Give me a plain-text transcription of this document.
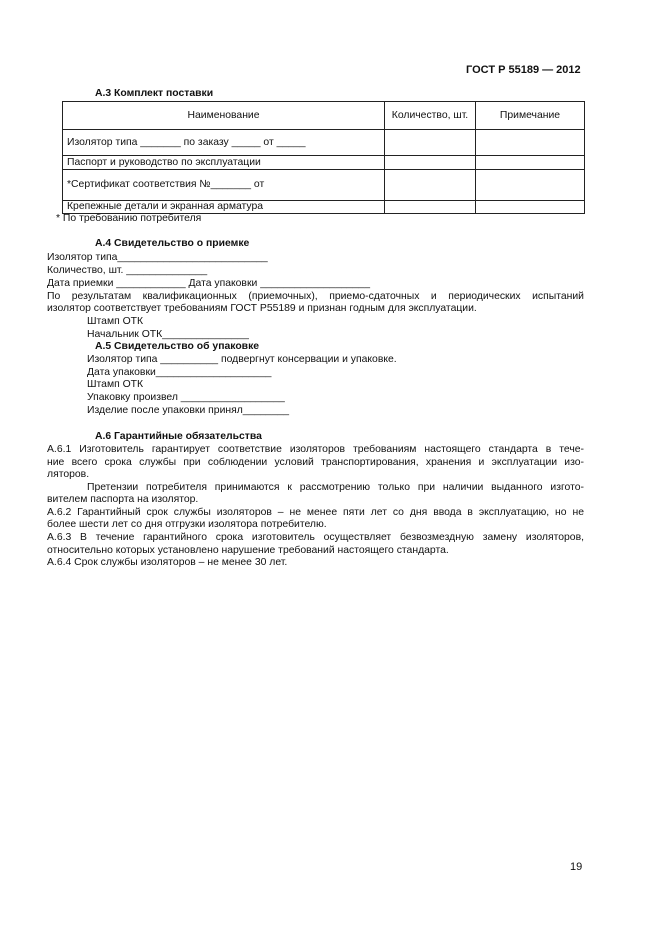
ГОСТ Р 55189 — 2012
А.3 Комплект поставки
Наименование	Количество, шт.	Примечание
Изолятор типа _______ по заказу _____ от _____		
Паспорт и руководство по эксплуатации		
*Сертификат соответствия №_______ от		
Крепежные детали и экранная арматура		
* По требованию потребителя
А.4 Свидетельство о приемке
Изолятор типа__________________________
Количество, шт. ______________
Дата приемки ____________ Дата упаковки ___________________
По результатам квалификационных (приемочных), приемо-сдаточных и периодических испытаний
изолятор соответствует требованиям ГОСТ Р55189 и признан годным для эксплуатации.
Штамп ОТК
Начальник ОТК_______________
А.5 Свидетельство об упаковке
Изолятор типа __________ подвергнут консервации и упаковке.
Дата упаковки____________________
Штамп ОТК
Упаковку произвел __________________
Изделие после упаковки принял________
А.6 Гарантийные обязательства
А.6.1 Изготовитель гарантирует соответствие изоляторов требованиям настоящего стандарта в тече-
ние всего срока службы при соблюдении условий транспортирования, хранения и эксплуатации изо-
ляторов.
Претензии потребителя принимаются к рассмотрению только при наличии выданного изгото-
вителем паспорта на изолятор.
А.6.2 Гарантийный срок службы изоляторов – не менее пяти лет со дня ввода в эксплуатацию, но не
более шести лет со дня отгрузки изолятора потребителю.
А.6.3 В течение гарантийного срока изготовитель осуществляет безвозмездную замену изоляторов,
относительно которых установлено нарушение требований настоящего стандарта.
А.6.4 Срок службы изоляторов – не менее 30 лет.
19
